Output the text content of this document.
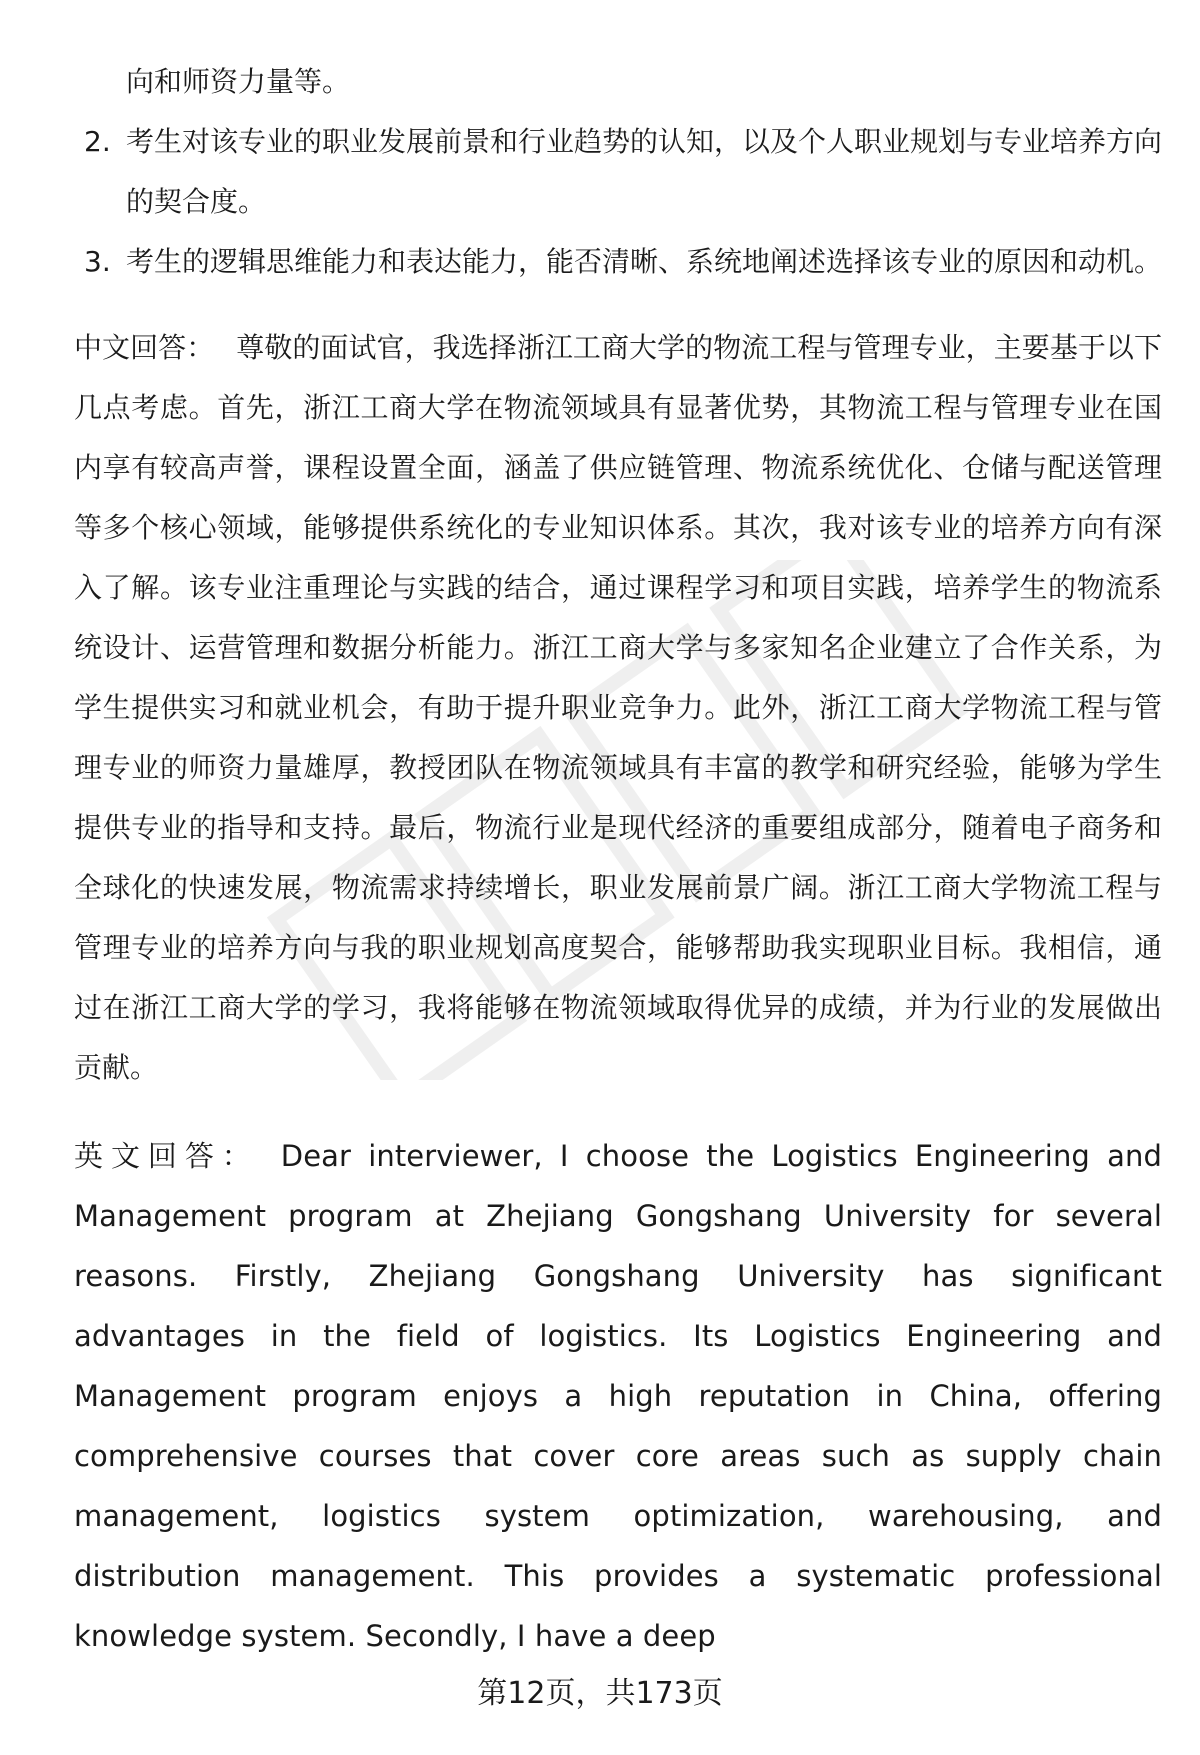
向和师资力量等。
2. 考生对该专业的职业发展前景和行业趋势的认知，以及个人职业规划与专业培养方向的契合度。
3. 考生的逻辑思维能力和表达能力，能否清晰、系统地阐述选择该专业的原因和动机。

中文回答： 尊敬的面试官，我选择浙江工商大学的物流工程与管理专业，主要基于以下几点考虑。首先，浙江工商大学在物流领域具有显著优势，其物流工程与管理专业在国内享有较高声誉，课程设置全面，涵盖了供应链管理、物流系统优化、仓储与配送管理等多个核心领域，能够提供系统化的专业知识体系。其次，我对该专业的培养方向有深入了解。该专业注重理论与实践的结合，通过课程学习和项目实践，培养学生的物流系统设计、运营管理和数据分析能力。浙江工商大学与多家知名企业建立了合作关系，为学生提供实习和就业机会，有助于提升职业竞争力。此外，浙江工商大学物流工程与管理专业的师资力量雄厚，教授团队在物流领域具有丰富的教学和研究经验，能够为学生提供专业的指导和支持。最后，物流行业是现代经济的重要组成部分，随着电子商务和全球化的快速发展，物流需求持续增长，职业发展前景广阔。浙江工商大学物流工程与管理专业的培养方向与我的职业规划高度契合，能够帮助我实现职业目标。我相信，通过在浙江工商大学的学习，我将能够在物流领域取得优异的成绩，并为行业的发展做出贡献。

英文回答： Dear interviewer, I choose the Logistics Engineering and Management program at Zhejiang Gongshang University for several reasons. Firstly, Zhejiang Gongshang University has significant advantages in the field of logistics. Its Logistics Engineering and Management program enjoys a high reputation in China, offering comprehensive courses that cover core areas such as supply chain management, logistics system optimization, warehousing, and distribution management. This provides a systematic professional knowledge system. Secondly, I have a deep

第12页，共173页
